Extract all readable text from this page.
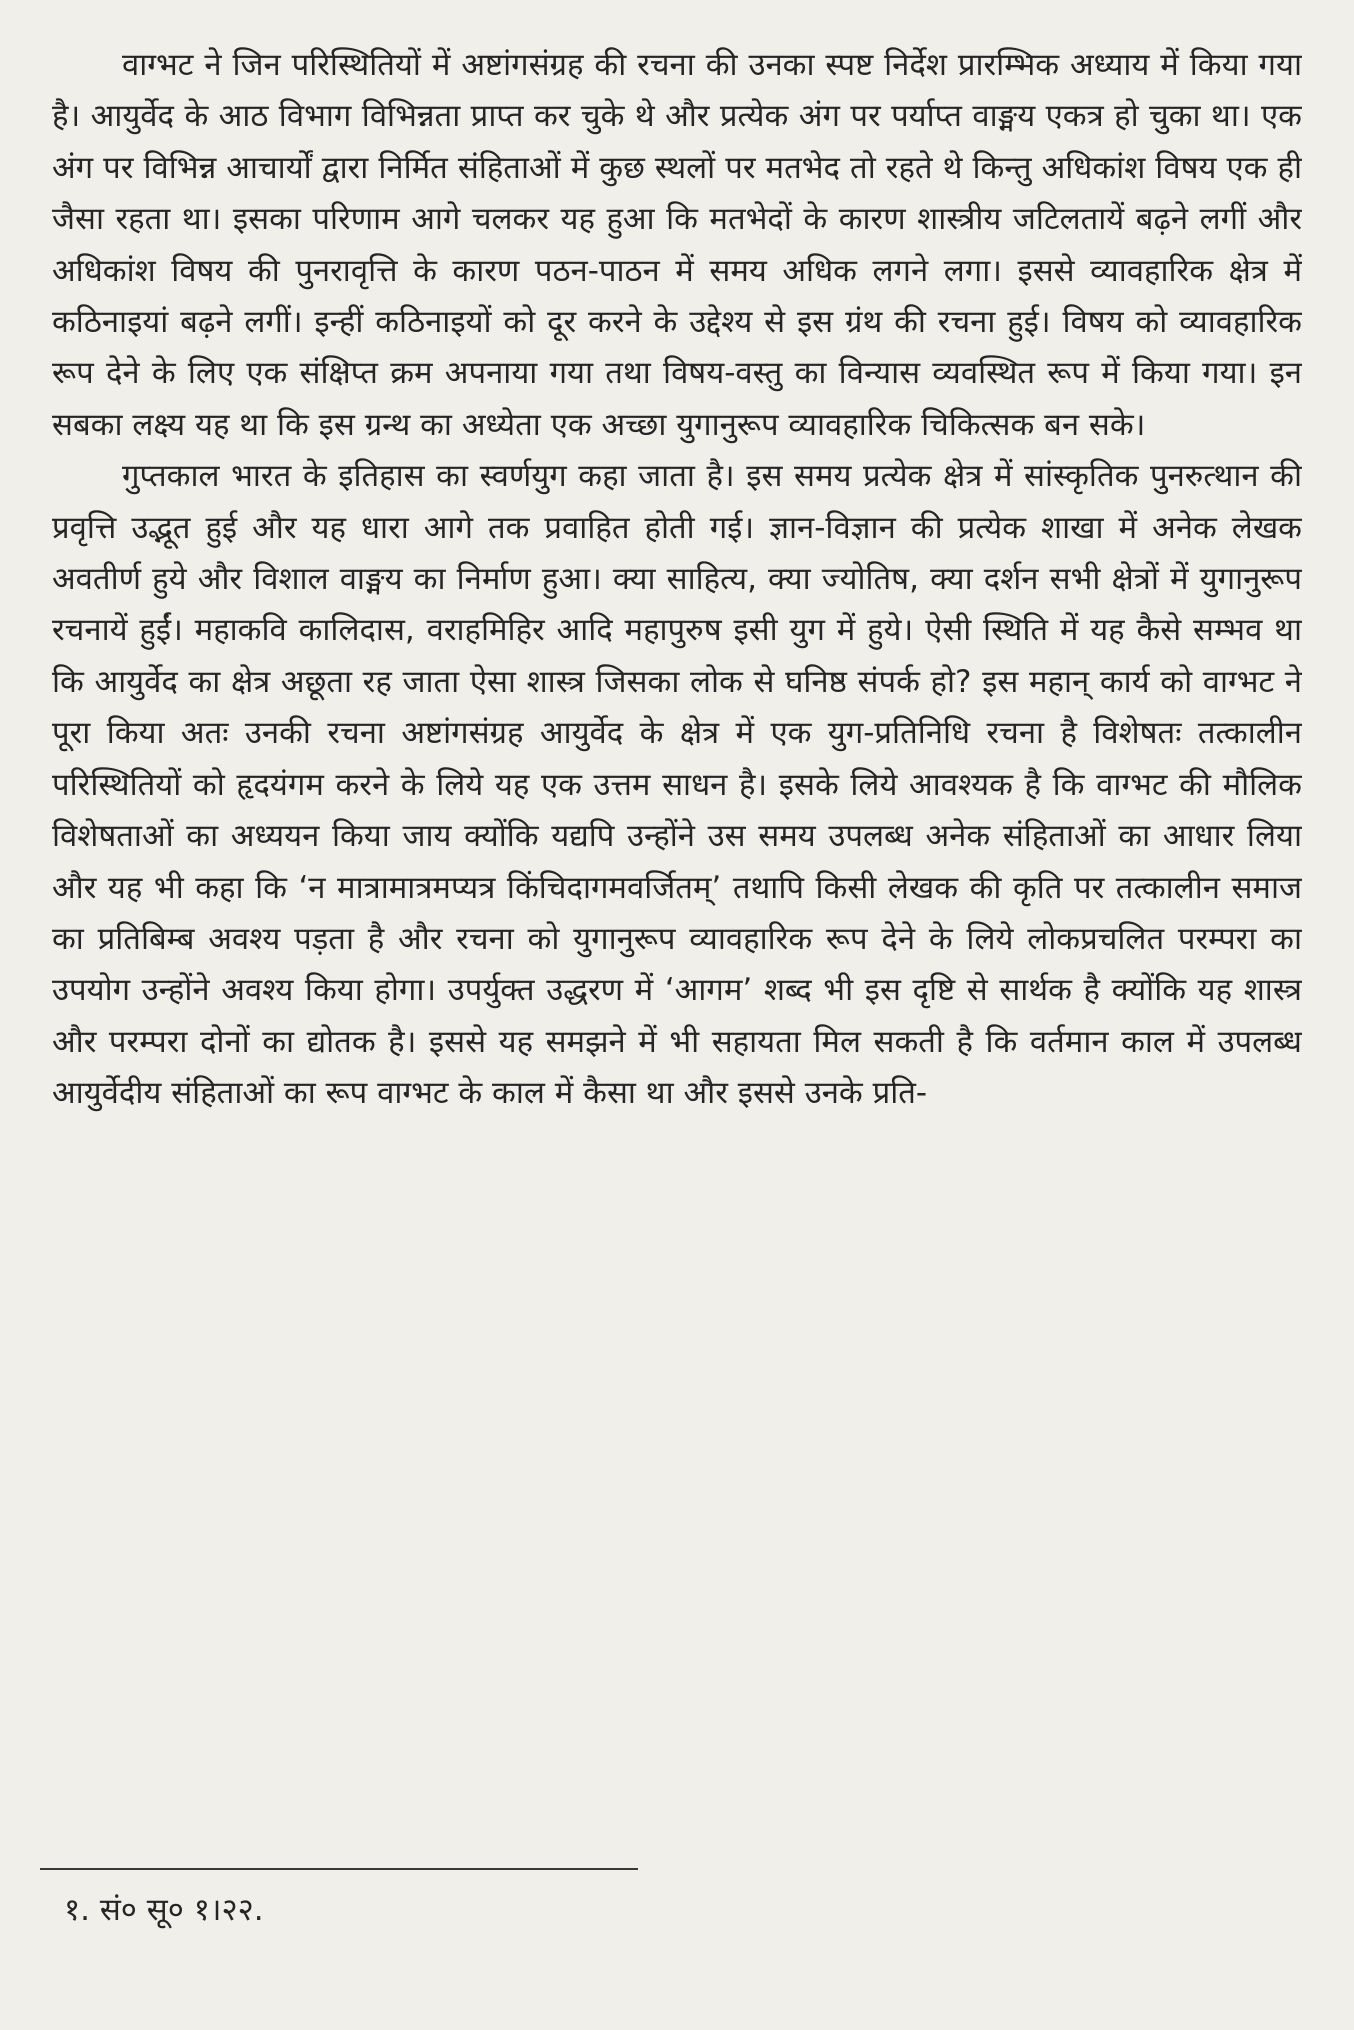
वाग्भट ने जिन परिस्थितियों में अष्टांगसंग्रह की रचना की उनका स्पष्ट निर्देश प्रारम्भिक अध्याय में किया गया है। आयुर्वेद के आठ विभाग विभिन्नता प्राप्त कर चुके थे और प्रत्येक अंग पर पर्याप्त वाङ्मय एकत्र हो चुका था। एक अंग पर विभिन्न आचार्यों द्वारा निर्मित संहिताओं में कुछ स्थलों पर मतभेद तो रहते थे किन्तु अधिकांश विषय एक ही जैसा रहता था। इसका परिणाम आगे चलकर यह हुआ कि मतभेदों के कारण शास्त्रीय जटिलतायें बढ़ने लगीं और अधिकांश विषय की पुनरावृत्ति के कारण पठन-पाठन में समय अधिक लगने लगा। इससे व्यावहारिक क्षेत्र में कठिनाइयां बढ़ने लगीं। इन्हीं कठिनाइयों को दूर करने के उद्देश्य से इस ग्रंथ की रचना हुई। विषय को व्यावहारिक रूप देने के लिए एक संक्षिप्त क्रम अपनाया गया तथा विषय-वस्तु का विन्यास व्यवस्थित रूप में किया गया। इन सबका लक्ष्य यह था कि इस ग्रन्थ का अध्येता एक अच्छा युगानुरूप व्यावहारिक चिकित्सक बन सके।

गुप्तकाल भारत के इतिहास का स्वर्णयुग कहा जाता है। इस समय प्रत्येक क्षेत्र में सांस्कृतिक पुनरुत्थान की प्रवृत्ति उद्भूत हुई और यह धारा आगे तक प्रवाहित होती गई। ज्ञान-विज्ञान की प्रत्येक शाखा में अनेक लेखक अवतीर्ण हुये और विशाल वाङ्मय का निर्माण हुआ। क्या साहित्य, क्या ज्योतिष, क्या दर्शन सभी क्षेत्रों में युगानुरूप रचनायें हुईं। महाकवि कालिदास, वराहमिहिर आदि महापुरुष इसी युग में हुये। ऐसी स्थिति में यह कैसे सम्भव था कि आयुर्वेद का क्षेत्र अछूता रह जाता ऐसा शास्त्र जिसका लोक से घनिष्ठ संपर्क हो? इस महान् कार्य को वाग्भट ने पूरा किया अतः उनकी रचना अष्टांगसंग्रह आयुर्वेद के क्षेत्र में एक युग-प्रतिनिधि रचना है विशेषतः तत्कालीन परिस्थितियों को हृदयंगम करने के लिये यह एक उत्तम साधन है। इसके लिये आवश्यक है कि वाग्भट की मौलिक विशेषताओं का अध्ययन किया जाय क्योंकि यद्यपि उन्होंने उस समय उपलब्ध अनेक संहिताओं का आधार लिया और यह भी कहा कि ‘न मात्रामात्रमप्यत्र किंचिदागमवर्जितम्’ तथापि किसी लेखक की कृति पर तत्कालीन समाज का प्रतिबिम्ब अवश्य पड़ता है और रचना को युगानुरूप व्यावहारिक रूप देने के लिये लोकप्रचलित परम्परा का उपयोग उन्होंने अवश्य किया होगा। उपर्युक्त उद्धरण में ‘आगम’ शब्द भी इस दृष्टि से सार्थक है क्योंकि यह शास्त्र और परम्परा दोनों का द्योतक है। इससे यह समझने में भी सहायता मिल सकती है कि वर्तमान काल में उपलब्ध आयुर्वेदीय संहिताओं का रूप वाग्भट के काल में कैसा था और इससे उनके प्रति-

१. सं० सू० १।२२.
